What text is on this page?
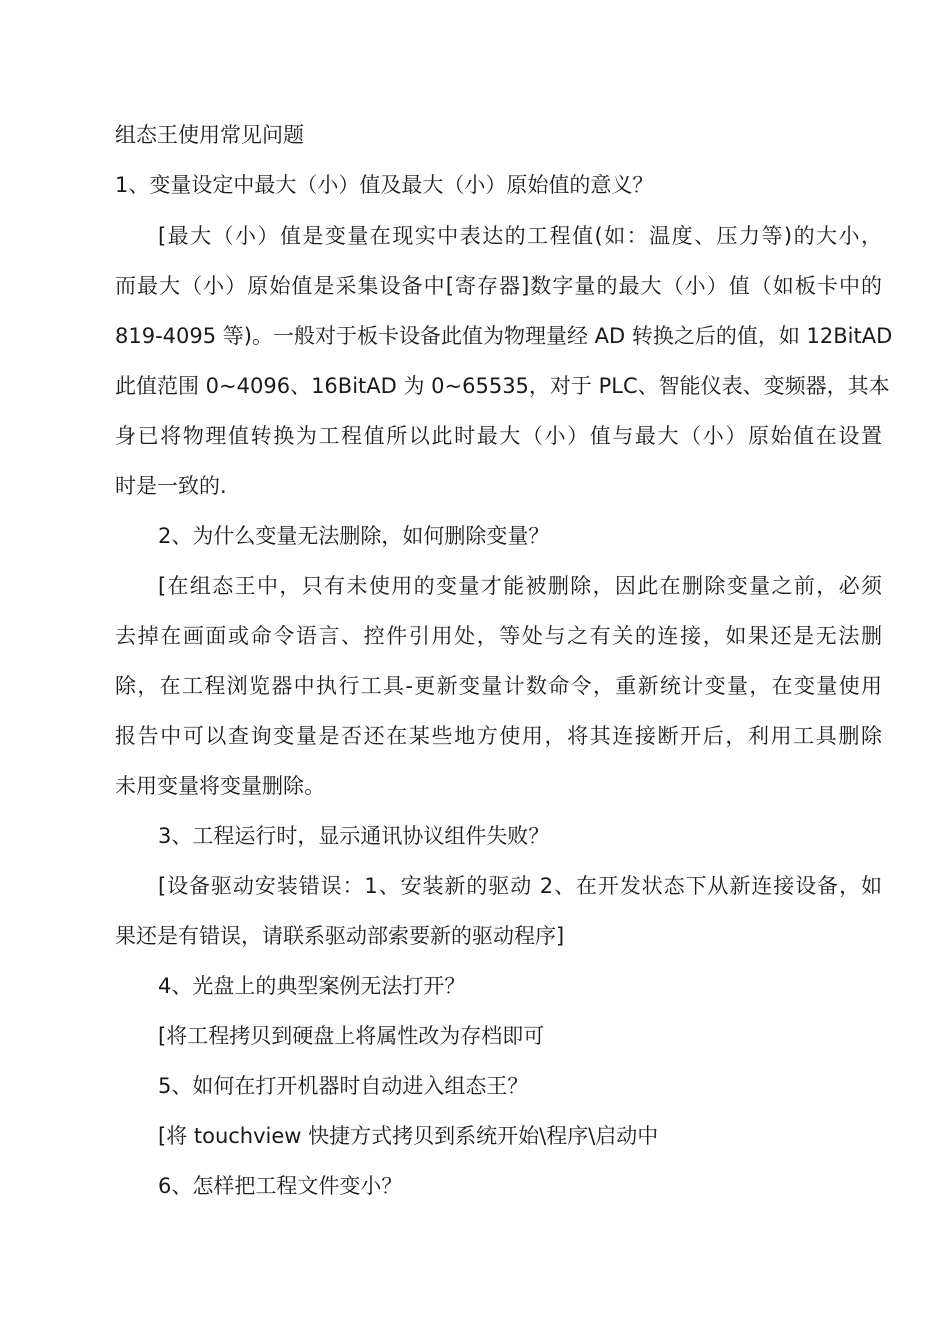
组态王使用常见问题
1、变量设定中最大（小）值及最大（小）原始值的意义？
[最大（小）值是变量在现实中表达的工程值(如：温度、压力等)的大小，
而最大（小）原始值是采集设备中[寄存器]数字量的最大（小）值（如板卡中的
819-4095 等)。一般对于板卡设备此值为物理量经 AD 转换之后的值，如 12BitAD
此值范围 0~4096、16BitAD 为 0~65535，对于 PLC、智能仪表、变频器，其本
身已将物理值转换为工程值所以此时最大（小）值与最大（小）原始值在设置
时是一致的.
2、为什么变量无法删除，如何删除变量？
[在组态王中，只有未使用的变量才能被删除，因此在删除变量之前，必须
去掉在画面或命令语言、控件引用处，等处与之有关的连接，如果还是无法删
除，在工程浏览器中执行工具-更新变量计数命令，重新统计变量，在变量使用
报告中可以查询变量是否还在某些地方使用，将其连接断开后，利用工具删除
未用变量将变量删除。
3、工程运行时，显示通讯协议组件失败？
[设备驱动安装错误：1、安装新的驱动 2、在开发状态下从新连接设备，如
果还是有错误，请联系驱动部索要新的驱动程序]
4、光盘上的典型案例无法打开？
[将工程拷贝到硬盘上将属性改为存档即可
5、如何在打开机器时自动进入组态王？
[将 touchview 快捷方式拷贝到系统开始\程序\启动中
6、怎样把工程文件变小？
